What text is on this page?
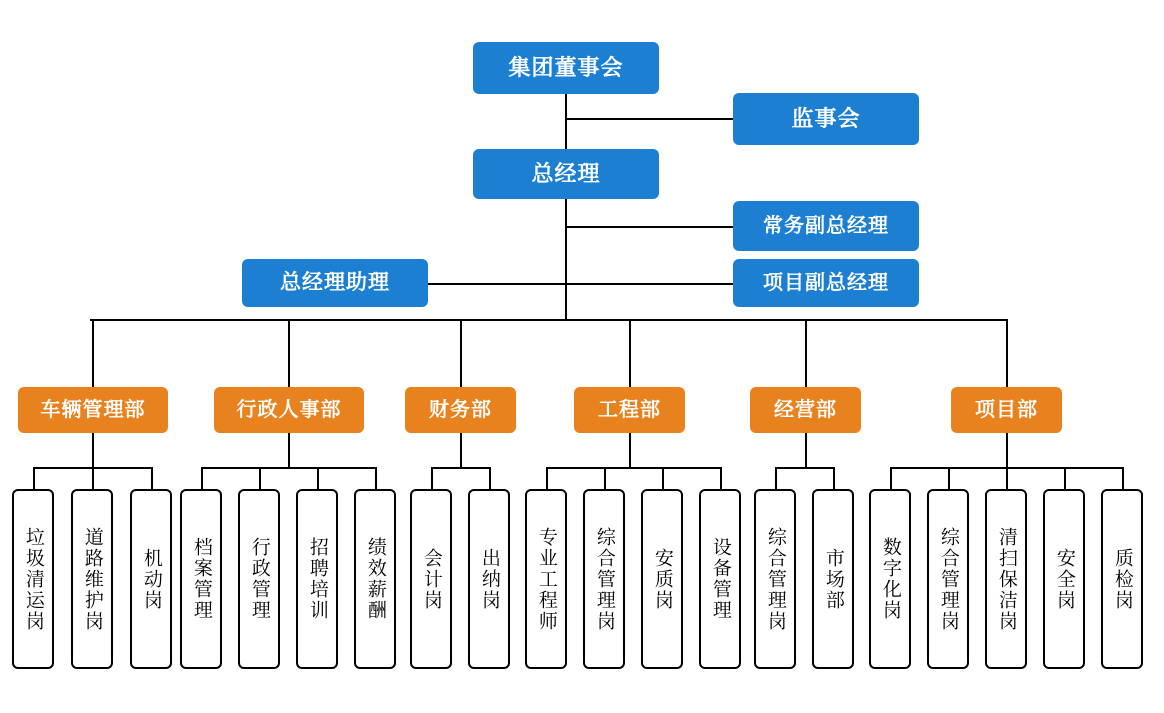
集团董事会
监事会
总经理
常务副总经理
总经理助理	项目副总经理
车辆管理部	行政人事部	财务部	工程部	经营部	项目部
垃圾清运岗 道路维护岗 机动岗 档案管理 行政管理 招聘培训 绩效薪酬 会计岗 出纳岗 专业工程师 综合管理岗 安质岗 设备管理 综合管理岗 市场部 数字化岗 综合管理岗 清扫保洁岗 安全岗 质检岗
